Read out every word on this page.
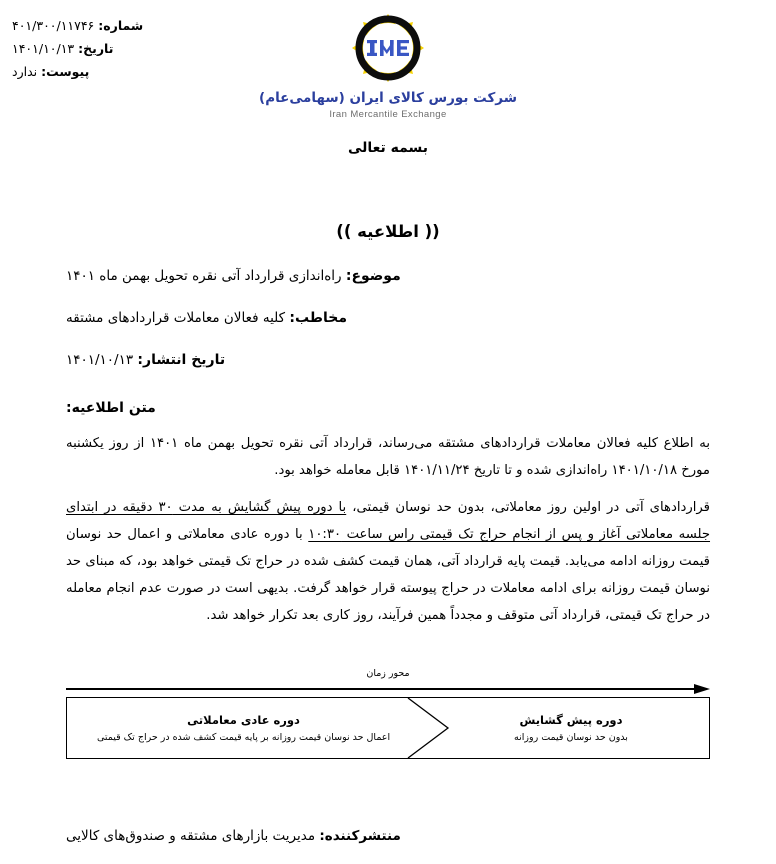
شماره: ۴۰۱/۳۰۰/۱۱۷۴۶
تاریخ: ۱۴۰۱/۱۰/۱۳
پیوست: ندارد
شرکت بورس کالای ایران (سهامی‌عام)
Iran Mercantile Exchange
بسمه تعالی
(( اطلاعیه ))
موضوع: راه‌اندازی قرارداد آتی نقره تحویل بهمن ماه ۱۴۰۱
مخاطب: کلیه فعالان معاملات قراردادهای مشتقه
تاریخ انتشار: ۱۴۰۱/۱۰/۱۳
متن اطلاعیه:

به اطلاع کلیه فعالان معاملات قراردادهای مشتقه می‌رساند، قرارداد آتی نقره تحویل بهمن ماه ۱۴۰۱ از روز یکشنبه مورخ ۱۴۰۱/۱۰/۱۸ راه‌اندازی شده و تا تاریخ ۱۴۰۱/۱۱/۲۴ قابل معامله خواهد بود.

قراردادهای آتی در اولین روز معاملاتی، بدون حد نوسان قیمتی، با دوره پیش گشایش به مدت ۳۰ دقیقه در ابتدای جلسه معاملاتی آغاز و پس از انجام حراج تک قیمتی راس ساعت ۱۰:۳۰ با دوره عادی معاملاتی و اعمال حد نوسان قیمت روزانه ادامه می‌یابد. قیمت پایه قرارداد آتی، همان قیمت کشف شده در حراج تک قیمتی خواهد بود، که مبنای حد نوسان قیمت روزانه برای ادامه معاملات در حراج پیوسته قرار خواهد گرفت. بدیهی است در صورت عدم انجام معامله در حراج تک قیمتی، قرارداد آتی متوقف و مجدداً همین فرآیند، روز کاری بعد تکرار خواهد شد.

محور زمان
دوره پیش گشایش
بدون حد نوسان قیمت روزانه
دوره عادی معاملاتی
اعمال حد نوسان قیمت روزانه بر پایه قیمت کشف شده در حراج تک قیمتی
منتشرکننده: مدیریت بازارهای مشتقه و صندوق‌های کالایی
